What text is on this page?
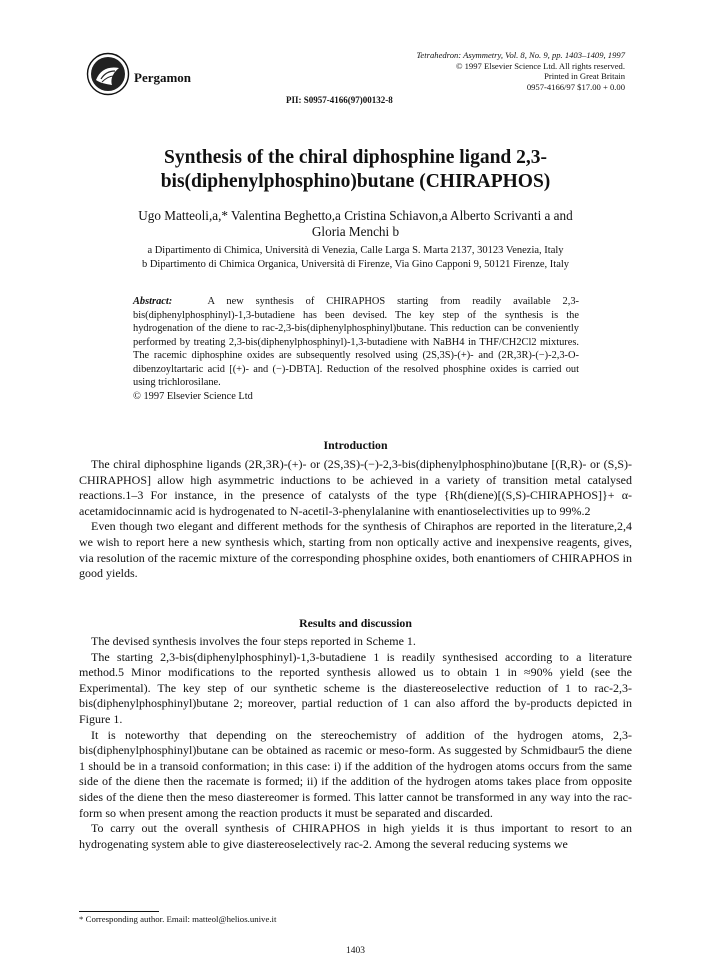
Pergamon
Tetrahedron: Asymmetry, Vol. 8, No. 9, pp. 1403–1409, 1997
© 1997 Elsevier Science Ltd. All rights reserved.
Printed in Great Britain
0957-4166/97 $17.00 + 0.00
PII: S0957-4166(97)00132-8
Synthesis of the chiral diphosphine ligand 2,3-
bis(diphenylphosphino)butane (CHIRAPHOS)
Ugo Matteoli,a,* Valentina Beghetto,a Cristina Schiavon,a Alberto Scrivanti a and
Gloria Menchi b
a Dipartimento di Chimica, Università di Venezia, Calle Larga S. Marta 2137, 30123 Venezia, Italy
b Dipartimento di Chimica Organica, Università di Firenze, Via Gino Capponi 9, 50121 Firenze, Italy
Abstract:	A new synthesis of CHIRAPHOS starting from readily available 2,3-bis(diphenylphosphinyl)-1,3-butadiene has been devised. The key step of the synthesis is the hydrogenation of the diene to rac-2,3-bis(diphenylphosphinyl)butane. This reduction can be conveniently performed by treating 2,3-bis(diphenylphosphinyl)-1,3-butadiene with NaBH4 in THF/CH2Cl2 mixtures. The racemic diphosphine oxides are subsequently resolved using (2S,3S)-(+)- and (2R,3R)-(−)-2,3-O-dibenzoyltartaric acid [(+)- and (−)-DBTA]. Reduction of the resolved phosphine oxides is carried out using trichlorosilane.
© 1997 Elsevier Science Ltd
Introduction
The chiral diphosphine ligands (2R,3R)-(+)- or (2S,3S)-(−)-2,3-bis(diphenylphosphino)butane [(R,R)- or (S,S)-CHIRAPHOS] allow high asymmetric inductions to be achieved in a variety of transition metal catalysed reactions.1–3 For instance, in the presence of catalysts of the type {Rh(diene)[(S,S)-CHIRAPHOS]}+ α-acetamidocinnamic acid is hydrogenated to N-acetil-3-phenylalanine with enantioselectivities up to 99%.2
Even though two elegant and different methods for the synthesis of Chiraphos are reported in the literature,2,4 we wish to report here a new synthesis which, starting from non optically active and inexpensive reagents, gives, via resolution of the racemic mixture of the corresponding phosphine oxides, both enantiomers of CHIRAPHOS in good yields.
Results and discussion
The devised synthesis involves the four steps reported in Scheme 1.
The starting 2,3-bis(diphenylphosphinyl)-1,3-butadiene 1 is readily synthesised according to a literature method.5 Minor modifications to the reported synthesis allowed us to obtain 1 in ≈90% yield (see the Experimental). The key step of our synthetic scheme is the diastereoselective reduction of 1 to rac-2,3-bis(diphenylphosphinyl)butane 2; moreover, partial reduction of 1 can also afford the by-products depicted in Figure 1.
It is noteworthy that depending on the stereochemistry of addition of the hydrogen atoms, 2,3-bis(diphenylphosphinyl)butane can be obtained as racemic or meso-form. As suggested by Schmidbaur5 the diene 1 should be in a transoid conformation; in this case: i) if the addition of the hydrogen atoms occurs from the same side of the diene then the racemate is formed; ii) if the addition of the hydrogen atoms takes place from opposite sides of the diene then the meso diastereomer is formed. This latter cannot be transformed in any way into the rac-form so when present among the reaction products it must be separated and discarded.
To carry out the overall synthesis of CHIRAPHOS in high yields it is thus important to resort to an hydrogenating system able to give diastereoselectively rac-2. Among the several reducing systems we
* Corresponding author. Email: matteol@helios.unive.it
1403
